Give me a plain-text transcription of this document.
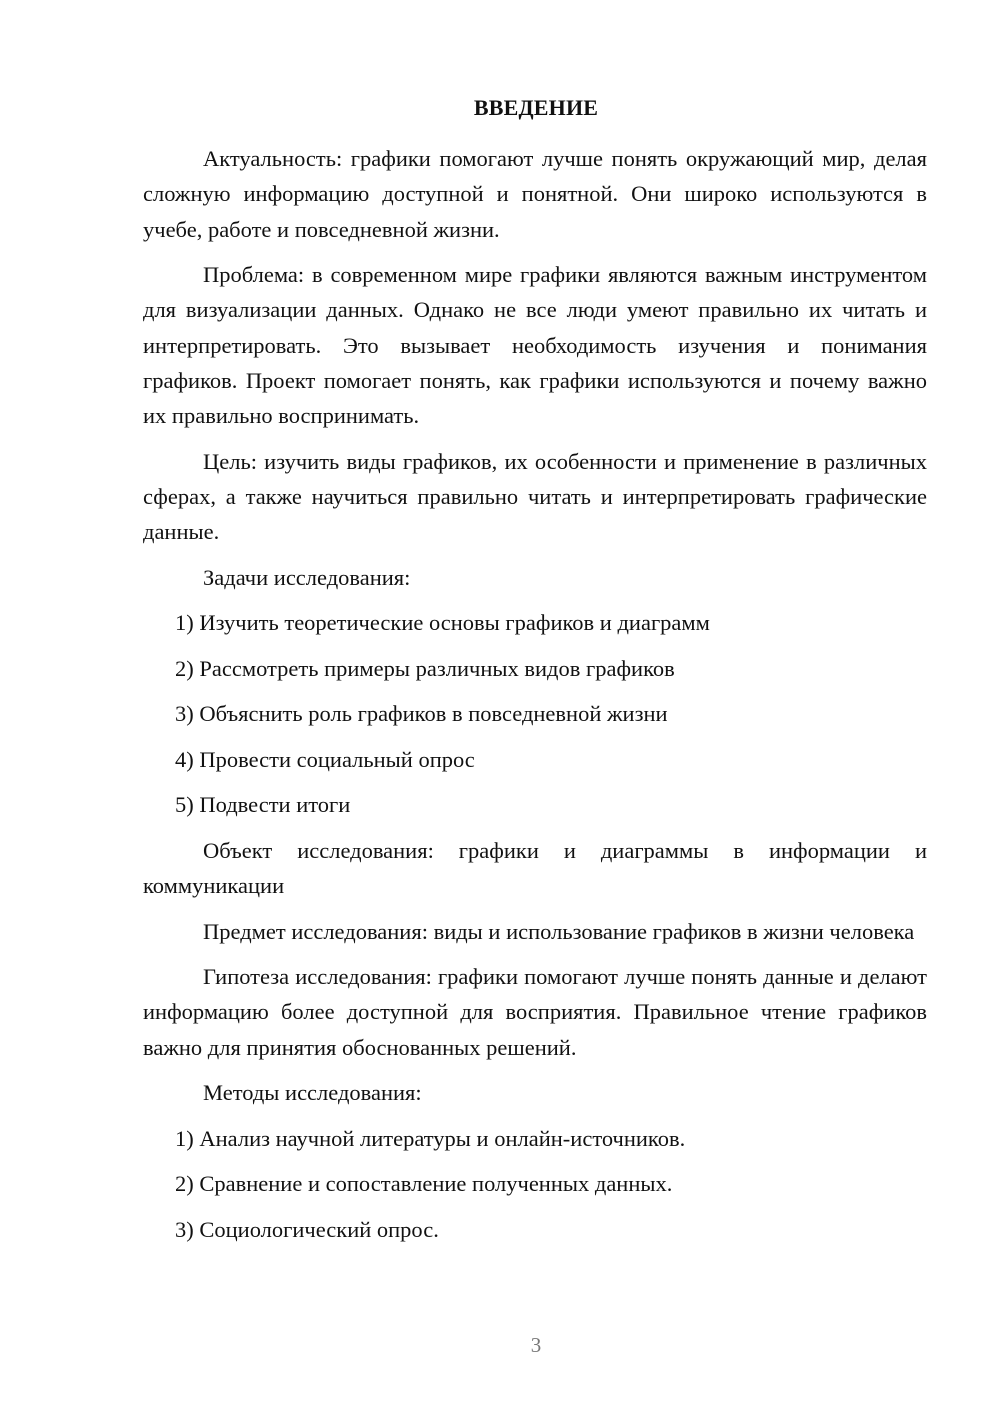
ВВЕДЕНИЕ

Актуальность: графики помогают лучше понять окружающий мир, делая сложную информацию доступной и понятной. Они широко используются в учебе, работе и повседневной жизни.

Проблема: в современном мире графики являются важным инструментом для визуализации данных. Однако не все люди умеют правильно их читать и интерпретировать. Это вызывает необходимость изучения и понимания графиков. Проект помогает понять, как графики используются и почему важно их правильно воспринимать.

Цель: изучить виды графиков, их особенности и применение в различных сферах, а также научиться правильно читать и интерпретировать графические данные.

Задачи исследования:

1) Изучить теоретические основы графиков и диаграмм

2) Рассмотреть примеры различных видов графиков

3) Объяснить роль графиков в повседневной жизни

4) Провести социальный опрос

5) Подвести итоги

Объект исследования: графики и диаграммы в информации и коммуникации

Предмет исследования: виды и использование графиков в жизни человека

Гипотеза исследования: графики помогают лучше понять данные и делают информацию более доступной для восприятия. Правильное чтение графиков важно для принятия обоснованных решений.

Методы исследования:

1) Анализ научной литературы и онлайн-источников.

2) Сравнение и сопоставление полученных данных.

3) Социологический опрос.

3
